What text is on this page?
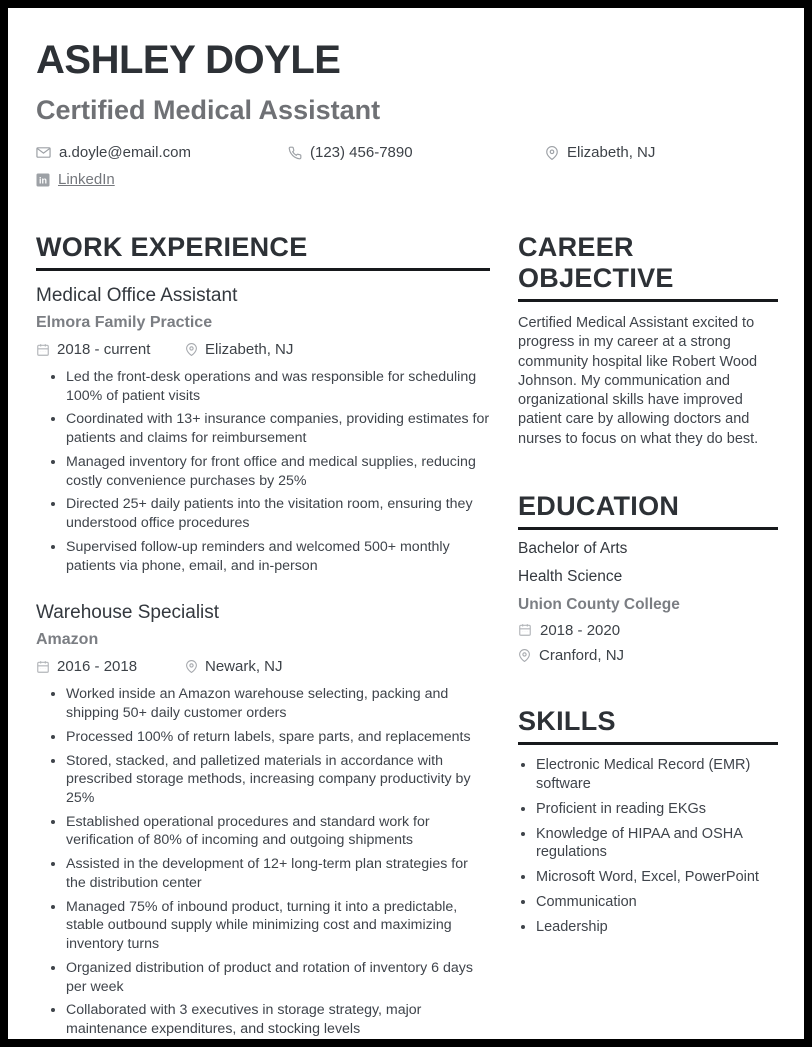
ASHLEY DOYLE
Certified Medical Assistant
a.doyle@email.com	(123) 456-7890	Elizabeth, NJ
in LinkedIn
WORK EXPERIENCE
Medical Office Assistant
Elmora Family Practice
2018 - current	Elizabeth, NJ
• Led the front-desk operations and was responsible for scheduling 100% of patient visits
• Coordinated with 13+ insurance companies, providing estimates for patients and claims for reimbursement
• Managed inventory for front office and medical supplies, reducing costly convenience purchases by 25%
• Directed 25+ daily patients into the visitation room, ensuring they understood office procedures
• Supervised follow-up reminders and welcomed 500+ monthly patients via phone, email, and in-person
Warehouse Specialist
Amazon
2016 - 2018	Newark, NJ
• Worked inside an Amazon warehouse selecting, packing and shipping 50+ daily customer orders
• Processed 100% of return labels, spare parts, and replacements
• Stored, stacked, and palletized materials in accordance with prescribed storage methods, increasing company productivity by 25%
• Established operational procedures and standard work for verification of 80% of incoming and outgoing shipments
• Assisted in the development of 12+ long-term plan strategies for the distribution center
• Managed 75% of inbound product, turning it into a predictable, stable outbound supply while minimizing cost and maximizing inventory turns
• Organized distribution of product and rotation of inventory 6 days per week
• Collaborated with 3 executives in storage strategy, major maintenance expenditures, and stocking levels
CAREER OBJECTIVE
Certified Medical Assistant excited to progress in my career at a strong community hospital like Robert Wood Johnson. My communication and organizational skills have improved patient care by allowing doctors and nurses to focus on what they do best.
EDUCATION
Bachelor of Arts
Health Science
Union County College
2018 - 2020
Cranford, NJ
SKILLS
• Electronic Medical Record (EMR) software
• Proficient in reading EKGs
• Knowledge of HIPAA and OSHA regulations
• Microsoft Word, Excel, PowerPoint
• Communication
• Leadership
